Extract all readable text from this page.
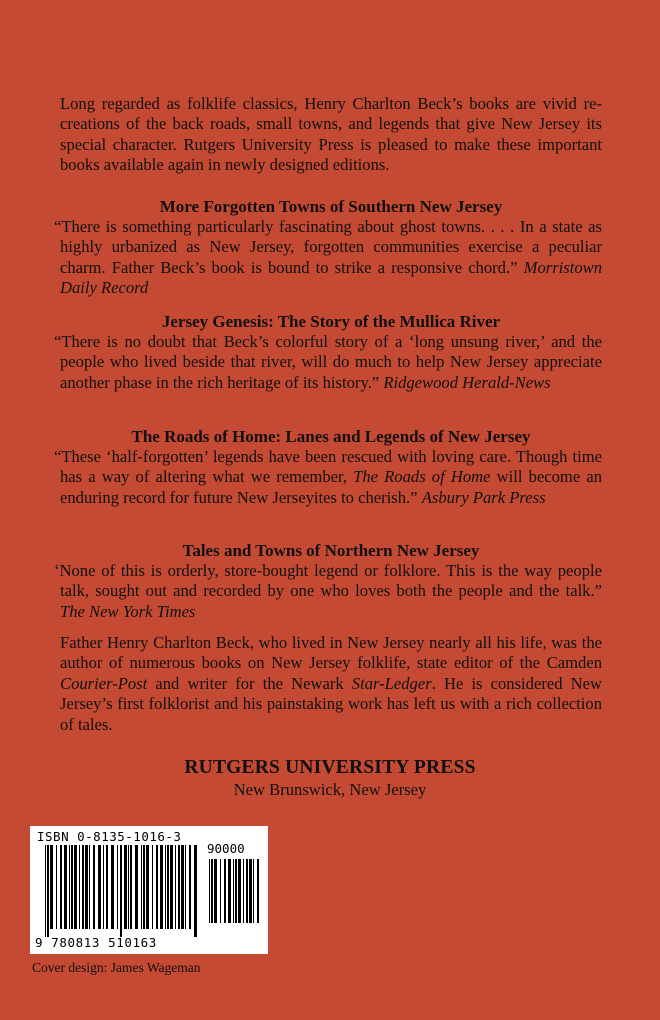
Long regarded as folklife classics, Henry Charlton Beck’s books are vivid re-creations of the back roads, small towns, and legends that give New Jersey its special character. Rutgers University Press is pleased to make these important books available again in newly designed editions.
More Forgotten Towns of Southern New Jersey

“There is something particularly fascinating about ghost towns. . . . In a state as highly urbanized as New Jersey, forgotten communities exercise a peculiar charm. Father Beck’s book is bound to strike a responsive chord.” Morristown Daily Record

Jersey Genesis: The Story of the Mullica River

“There is no doubt that Beck’s colorful story of a ‘long unsung river,’ and the people who lived beside that river, will do much to help New Jersey appreciate another phase in the rich heritage of its history.” Ridgewood Herald-News

The Roads of Home: Lanes and Legends of New Jersey

“These ‘half-forgotten’ legends have been rescued with loving care. Though time has a way of altering what we remember, The Roads of Home will become an enduring record for future New Jerseyites to cherish.” Asbury Park Press

Tales and Towns of Northern New Jersey

‘None of this is orderly, store-bought legend or folklore. This is the way people talk, sought out and recorded by one who loves both the people and the talk.” The New York Times

Father Henry Charlton Beck, who lived in New Jersey nearly all his life, was the author of numerous books on New Jersey folklife, state editor of the Camden Courier-Post and writer for the Newark Star-Ledger. He is considered New Jersey’s first folklorist and his painstaking work has left us with a rich collection of tales.
RUTGERS UNIVERSITY PRESS
New Brunswick, New Jersey
ISBN 0-8135-1016-3
90000
9 780813 510163
Cover design: James Wageman
